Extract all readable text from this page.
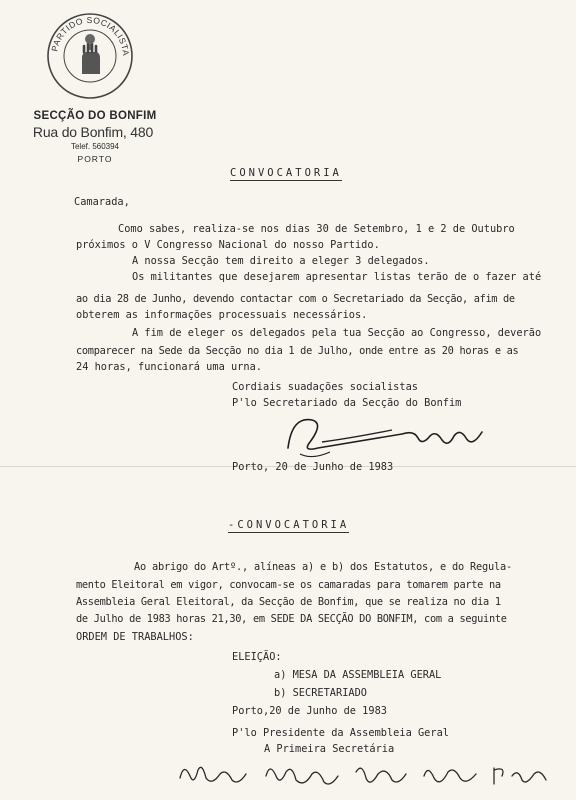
PARTIDO SOCIALISTA
SECÇÃO DO BONFIM
Rua do Bonfim, 480
Telef. 560394
PORTO
CONVOCATORIA
Camarada,
Como sabes, realiza-se nos dias 30 de Setembro, 1 e 2 de Outubro
próximos o V Congresso Nacional do nosso Partido.
A nossa Secção tem direito a eleger 3 delegados.
Os militantes que desejarem apresentar listas terão de o fazer até
ao dia 28 de Junho, devendo contactar com o Secretariado da Secção, afim de
obterem as informações processuais necessários.
A fim de eleger os delegados pela tua Secção ao Congresso, deverão
comparecer na Sede da Secção no dia 1 de Julho, onde entre as 20 horas e as
24 horas, funcionará uma urna.
Cordiais suadações socialistas
P'lo Secretariado da Secção do Bonfim
Porto, 20 de Junho de 1983
-CONVOCATORIA
Ao abrigo do Artº., alíneas a) e b) dos Estatutos, e do Regula-
mento Eleitoral em vigor, convocam-se os camaradas para tomarem parte na
Assembleia Geral Eleitoral, da Secção de Bonfim, que se realiza no dia 1
de Julho de 1983 horas 21,30, em SEDE DA SECÇÃO DO BONFIM, com a seguinte
ORDEM DE TRABALHOS:
ELEIÇÃO:
a) MESA DA ASSEMBLEIA GERAL
b) SECRETARIADO
Porto,20 de Junho de 1983
P'lo Presidente da Assembleia Geral
A Primeira Secretária
